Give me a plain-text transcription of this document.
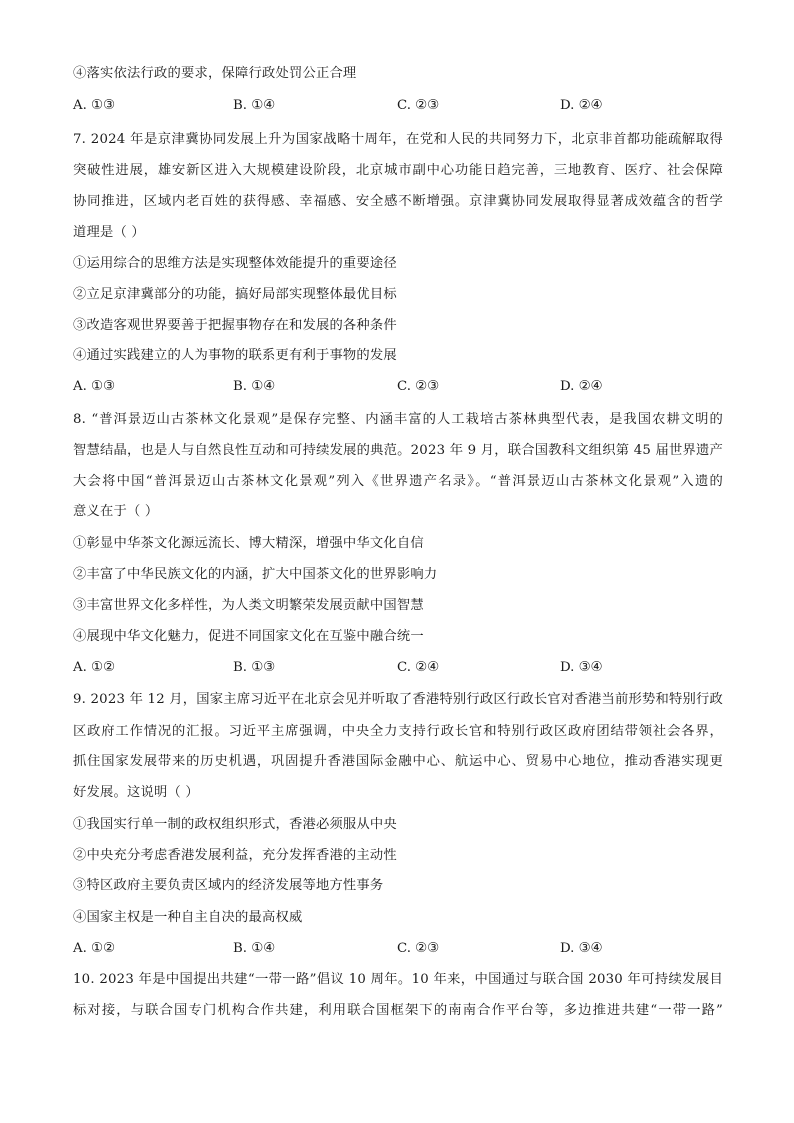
④落实依法行政的要求，保障行政处罚公正合理
A. ①③	B. ①④	C. ②③	D. ②④
7. 2024 年是京津冀协同发展上升为国家战略十周年，在党和人民的共同努力下，北京非首都功能疏解取得
突破性进展，雄安新区进入大规模建设阶段，北京城市副中心功能日趋完善，三地教育、医疗、社会保障
协同推进，区域内老百姓的获得感、幸福感、安全感不断增强。京津冀协同发展取得显著成效蕴含的哲学
道理是（ ）
①运用综合的思维方法是实现整体效能提升的重要途径
②立足京津冀部分的功能，搞好局部实现整体最优目标
③改造客观世界要善于把握事物存在和发展的各种条件
④通过实践建立的人为事物的联系更有利于事物的发展
A. ①③	B. ①④	C. ②③	D. ②④
8. “普洱景迈山古茶林文化景观”是保存完整、内涵丰富的人工栽培古茶林典型代表，是我国农耕文明的
智慧结晶，也是人与自然良性互动和可持续发展的典范。2023 年 9 月，联合国教科文组织第 45 届世界遗产
大会将中国“普洱景迈山古茶林文化景观”列入《世界遗产名录》。“普洱景迈山古茶林文化景观”入遗的
意义在于（ ）
①彰显中华茶文化源远流长、博大精深，增强中华文化自信
②丰富了中华民族文化的内涵，扩大中国茶文化的世界影响力
③丰富世界文化多样性，为人类文明繁荣发展贡献中国智慧
④展现中华文化魅力，促进不同国家文化在互鉴中融合统一
A. ①②	B. ①③	C. ②④	D. ③④
9. 2023 年 12 月，国家主席习近平在北京会见并听取了香港特别行政区行政长官对香港当前形势和特别行政
区政府工作情况的汇报。习近平主席强调，中央全力支持行政长官和特别行政区政府团结带领社会各界，
抓住国家发展带来的历史机遇，巩固提升香港国际金融中心、航运中心、贸易中心地位，推动香港实现更
好发展。这说明（ ）
①我国实行单一制的政权组织形式，香港必须服从中央
②中央充分考虑香港发展利益，充分发挥香港的主动性
③特区政府主要负责区域内的经济发展等地方性事务
④国家主权是一种自主自决的最高权威
A. ①②	B. ①④	C. ②③	D. ③④
10. 2023 年是中国提出共建“一带一路”倡议 10 周年。10 年来，中国通过与联合国 2030 年可持续发展目
标对接，与联合国专门机构合作共建，利用联合国框架下的南南合作平台等，多边推进共建“一带一路”
